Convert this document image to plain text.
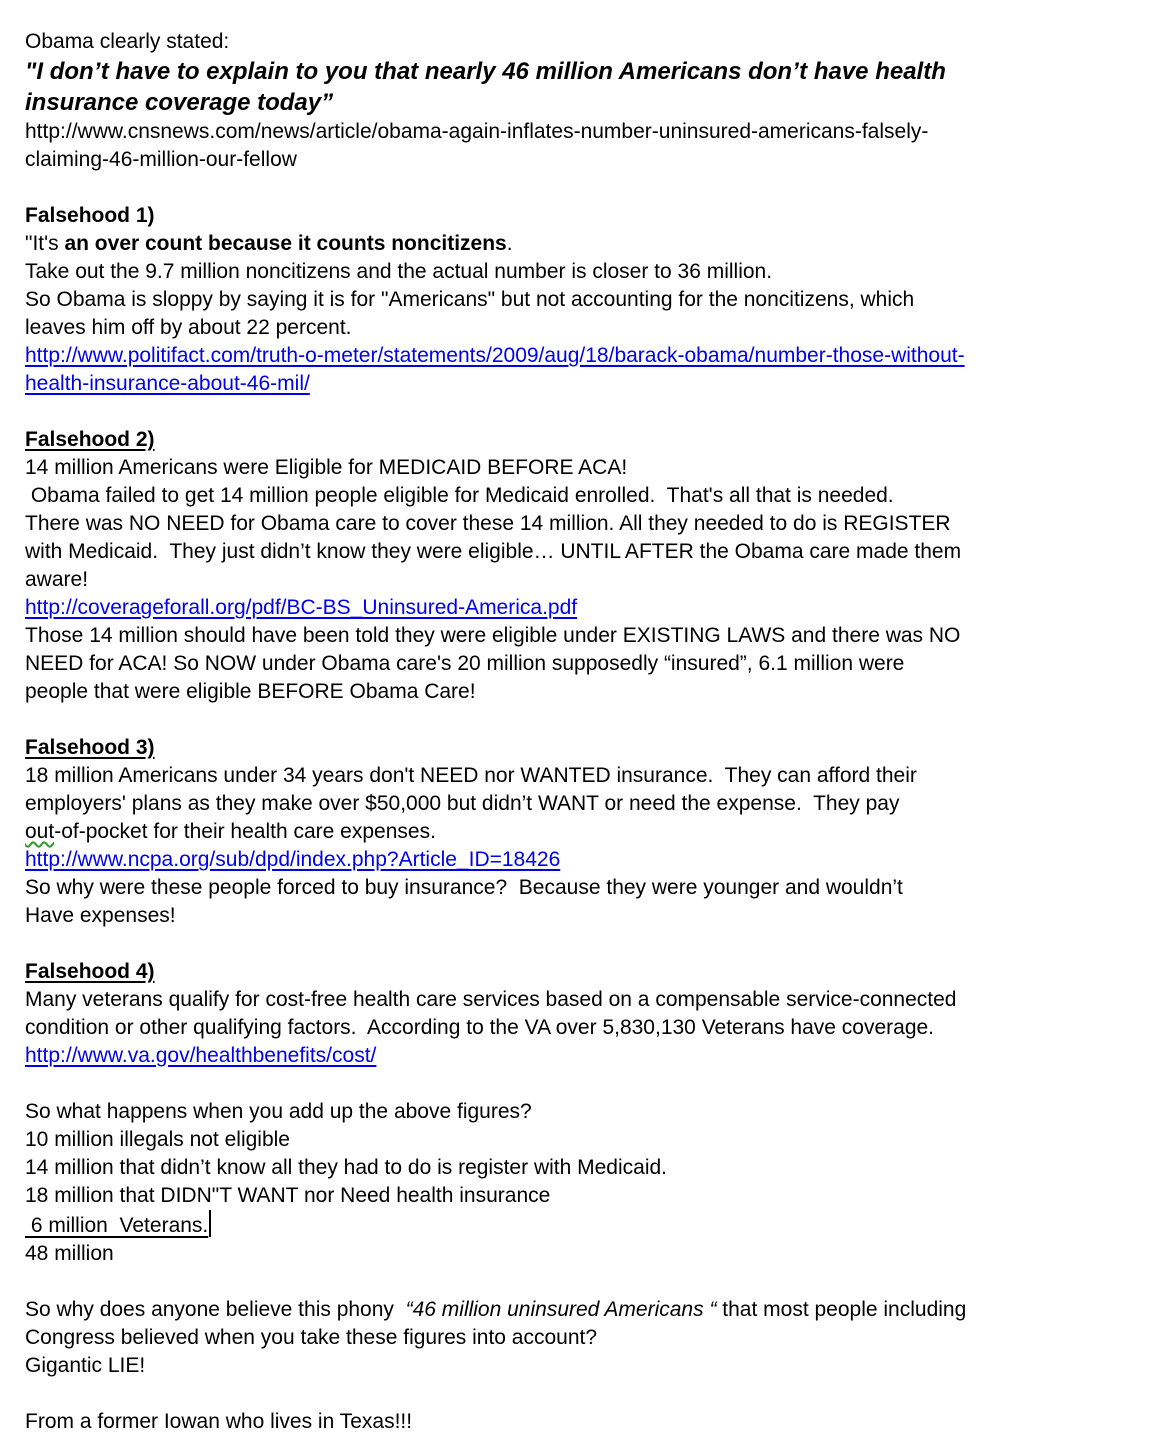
Obama clearly stated:
"I don’t have to explain to you that nearly 46 million Americans don’t have health
insurance coverage today”
http://www.cnsnews.com/news/article/obama-again-inflates-number-uninsured-americans-falsely-
claiming-46-million-our-fellow

Falsehood 1)
"It's an over count because it counts noncitizens.
Take out the 9.7 million noncitizens and the actual number is closer to 36 million.
So Obama is sloppy by saying it is for "Americans" but not accounting for the noncitizens, which
leaves him off by about 22 percent.
http://www.politifact.com/truth-o-meter/statements/2009/aug/18/barack-obama/number-those-without-
health-insurance-about-46-mil/

Falsehood 2)
14 million Americans were Eligible for MEDICAID BEFORE ACA!
Obama failed to get 14 million people eligible for Medicaid enrolled.  That's all that is needed.
There was NO NEED for Obama care to cover these 14 million. All they needed to do is REGISTER
with Medicaid.  They just didn’t know they were eligible… UNTIL AFTER the Obama care made them
aware!
http://coverageforall.org/pdf/BC-BS_Uninsured-America.pdf
Those 14 million should have been told they were eligible under EXISTING LAWS and there was NO
NEED for ACA! So NOW under Obama care's 20 million supposedly “insured”, 6.1 million were
people that were eligible BEFORE Obama Care!

Falsehood 3)
18 million Americans under 34 years don't NEED nor WANTED insurance.  They can afford their
employers' plans as they make over $50,000 but didn’t WANT or need the expense.  They pay
out-of-pocket for their health care expenses.
http://www.ncpa.org/sub/dpd/index.php?Article_ID=18426
So why were these people forced to buy insurance?  Because they were younger and wouldn’t
Have expenses!

Falsehood 4)
Many veterans qualify for cost-free health care services based on a compensable service-connected
condition or other qualifying factors.  According to the VA over 5,830,130 Veterans have coverage.
http://www.va.gov/healthbenefits/cost/

So what happens when you add up the above figures?
10 million illegals not eligible
14 million that didn’t know all they had to do is register with Medicaid.
18 million that DIDN"T WANT nor Need health insurance
6 million  Veterans.
48 million

So why does anyone believe this phony  “46 million uninsured Americans “ that most people including
Congress believed when you take these figures into account?
Gigantic LIE!

From a former Iowan who lives in Texas!!!
